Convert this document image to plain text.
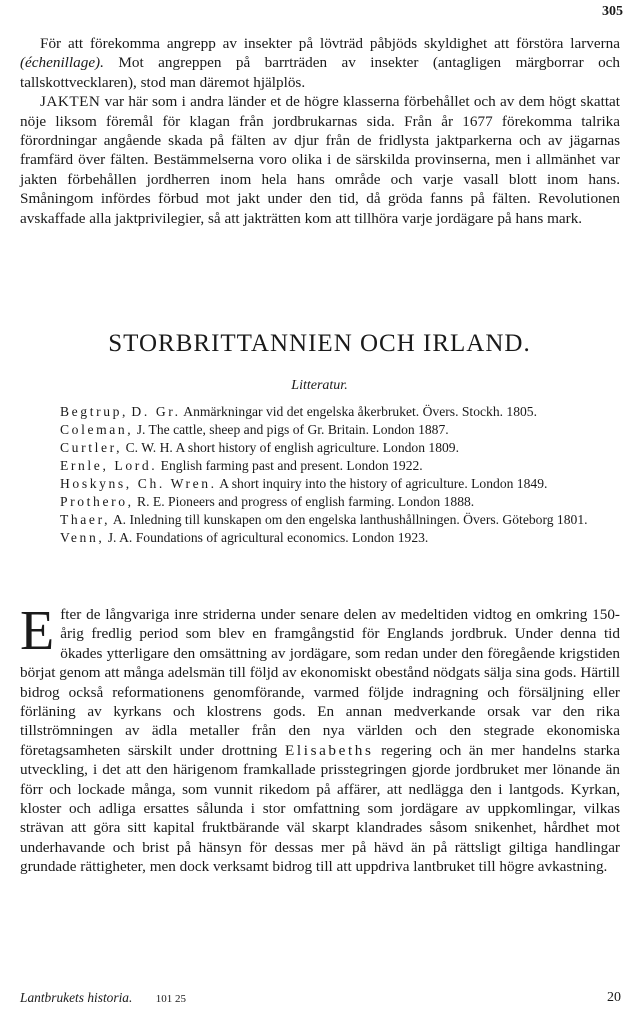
305

För att förekomma angrepp av insekter på lövträd påbjöds skyldighet att förstöra larverna (échenillage). Mot angreppen på barrträden av insekter (antagligen märgborrar och tallskottvecklaren), stod man däremot hjälplös.

JAKTEN var här som i andra länder et de högre klasserna förbehållet och av dem högt skattat nöje liksom föremål för klagan från jordbrukarnas sida. Från år 1677 förekomma talrika förordningar angående skada på fälten av djur från de fridlysta jaktparkerna och av jägarnas framfärd över fälten. Bestämmelserna voro olika i de särskilda provinserna, men i allmänhet var jakten förbehållen jordherren inom hela hans område och varje vasall blott inom hans. Småningom infördes förbud mot jakt under den tid, då gröda fanns på fälten. Revolutionen avskaffade alla jaktprivilegier, så att jakträtten kom att tillhöra varje jordägare på hans mark.

STORBRITTANNIEN OCH IRLAND.
Litteratur.

Begtrup, D. Gr. Anmärkningar vid det engelska åkerbruket. Övers. Stockh. 1805.

Coleman, J. The cattle, sheep and pigs of Gr. Britain. London 1887.

Curtler, C. W. H. A short history of english agriculture. London 1809.

Ernle, Lord. English farming past and present. London 1922.

Hoskyns, Ch. Wren. A short inquiry into the history of agriculture. London 1849.

Prothero, R. E. Pioneers and progress of english farming. London 1888.

Thaer, A. Inledning till kunskapen om den engelska lanthushållningen. Övers. Göteborg 1801.

Venn, J. A. Foundations of agricultural economics. London 1923.

Efter de långvariga inre striderna under senare delen av medeltiden vidtog en omkring 150-årig fredlig period som blev en framgångstid för Englands jordbruk. Under denna tid ökades ytterligare den omsättning av jordägare, som redan under den föregående krigstiden börjat genom att många adelsmän till följd av ekonomiskt obestånd nödgats sälja sina gods. Härtill bidrog också reformationens genomförande, varmed följde indragning och försäljning eller förläning av kyrkans och klostrens gods. En annan medverkande orsak var den rika tillströmningen av ädla metaller från den nya världen och den stegrade ekonomiska företagsamheten särskilt under drottning Elisabeths regering och än mer handelns starka utveckling, i det att den härigenom framkallade prisstegringen gjorde jordbruket mer lönande än förr och lockade många, som vunnit rikedom på affärer, att nedlägga den i lantgods. Kyrkan, kloster och adliga ersattes sålunda i stor omfattning som jordägare av uppkomlingar, vilkas strävan att göra sitt kapital fruktbärande väl skarpt klandrades såsom snikenhet, hårdhet mot underhavande och brist på hänsyn för dessas mer på hävd än på rättsligt giltiga handlingar grundade rättigheter, men dock verksamt bidrog till att uppdriva lantbruket till högre avkastning.

Lantbrukets historia. 101 25	20
